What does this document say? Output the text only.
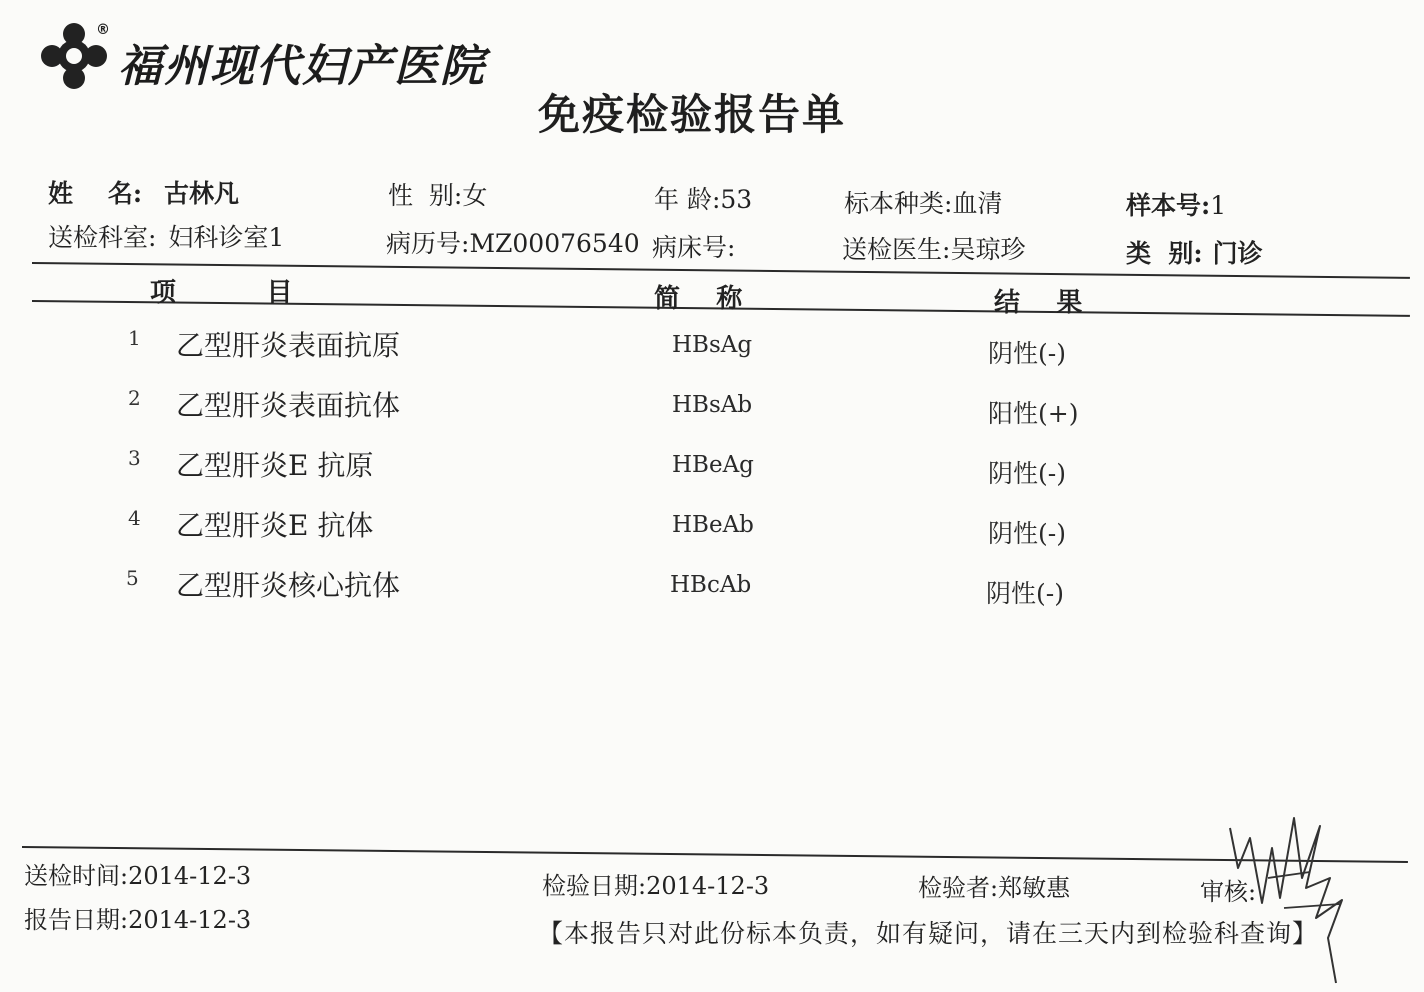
®
福州现代妇产医院
免疫检验报告单
姓    名: 古林凡	性  别:女	年 龄:53	标本种类:血清	样本号:1
送检科室: 妇科诊室1	病历号:MZ00076540 病床号:	送检医生:吴琼珍	类  别: 门诊
项          目	简    称	结    果
1 乙型肝炎表面抗原	HBsAg	阴性(-)
2 乙型肝炎表面抗体	HBsAb	阳性(+)
3 乙型肝炎E 抗原	HBeAg	阴性(-)
4 乙型肝炎E 抗体	HBeAb	阴性(-)
5 乙型肝炎核心抗体	HBcAb	阴性(-)
送检时间:2014-12-3
报告日期:2014-12-3
检验日期:2014-12-3	检验者:郑敏惠	审核:
【本报告只对此份标本负责，如有疑问，请在三天内到检验科查询】
